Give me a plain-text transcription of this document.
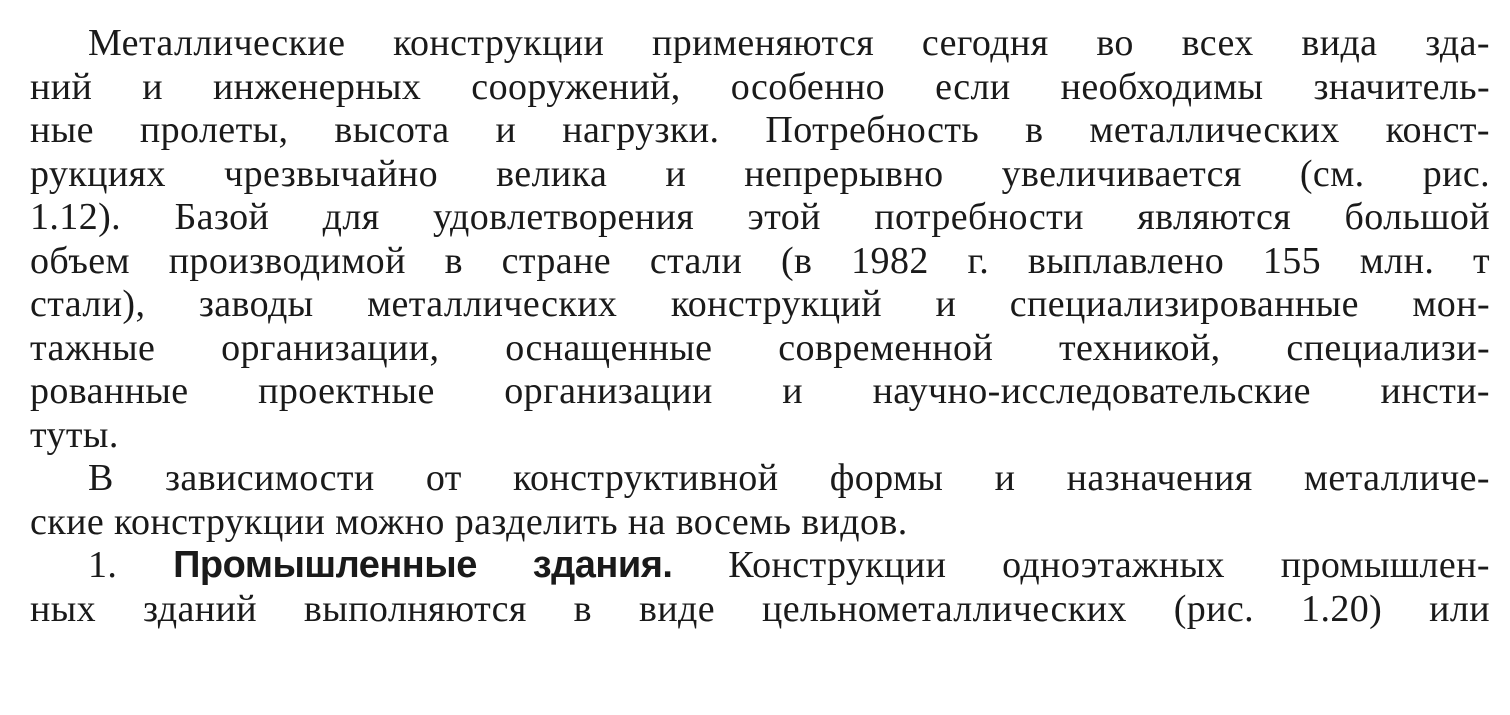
Металлические конструкции применяются сегодня во всех вида зда-
ний и инженерных сооружений, особенно если необходимы значитель-
ные пролеты, высота и нагрузки. Потребность в металлических конст-
рукциях чрезвычайно велика и непрерывно увеличивается (см. рис.
1.12). Базой для удовлетворения этой потребности являются большой
объем производимой в стране стали (в 1982 г. выплавлено 155 млн. т
стали), заводы металлических конструкций и специализированные мон-
тажные организации, оснащенные современной техникой, специализи-
рованные проектные организации и научно-исследовательские инсти-
туты.
В зависимости от конструктивной формы и назначения металличе-
ские конструкции можно разделить на восемь видов.
1. Промышленные здания. Конструкции одноэтажных промышлен-
ных зданий выполняются в виде цельнометаллических (рис. 1.20) или
